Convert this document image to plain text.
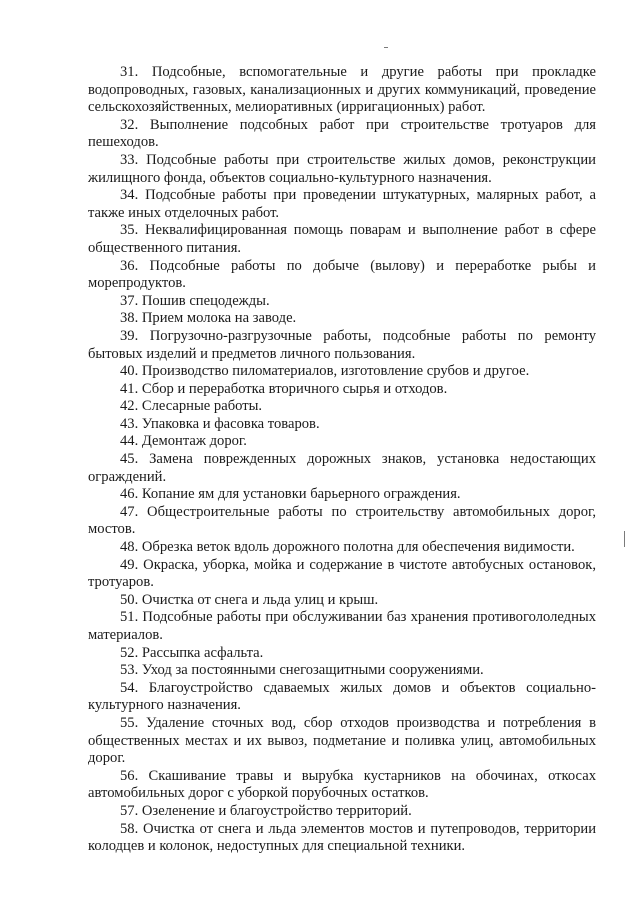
31. Подсобные, вспомогательные и другие работы при прокладке водопроводных, газовых, канализационных и других коммуникаций, проведение сельскохозяйственных, мелиоративных (ирригационных) работ.

32. Выполнение подсобных работ при строительстве тротуаров для пешеходов.

33. Подсобные работы при строительстве жилых домов, реконструкции жилищного фонда, объектов социально-культурного назначения.

34. Подсобные работы при проведении штукатурных, малярных работ, а также иных отделочных работ.

35. Неквалифицированная помощь поварам и выполнение работ в сфере общественного питания.

36. Подсобные работы по добыче (вылову) и переработке рыбы и морепродуктов.

37. Пошив спецодежды.

38. Прием молока на заводе.

39. Погрузочно-разгрузочные работы, подсобные работы по ремонту бытовых изделий и предметов личного пользования.

40. Производство пиломатериалов, изготовление срубов и другое.

41. Сбор и переработка вторичного сырья и отходов.

42. Слесарные работы.

43. Упаковка и фасовка товаров.

44. Демонтаж дорог.

45. Замена поврежденных дорожных знаков, установка недостающих ограждений.

46. Копание ям для установки барьерного ограждения.

47. Общестроительные работы по строительству автомобильных дорог, мостов.

48. Обрезка веток вдоль дорожного полотна для обеспечения видимости.

49. Окраска, уборка, мойка и содержание в чистоте автобусных остановок, тротуаров.

50. Очистка от снега и льда улиц и крыш.

51. Подсобные работы при обслуживании баз хранения противогололедных материалов.

52. Рассыпка асфальта.

53. Уход за постоянными снегозащитными сооружениями.

54. Благоустройство сдаваемых жилых домов и объектов социально-культурного назначения.

55. Удаление сточных вод, сбор отходов производства и потребления в общественных местах и их вывоз, подметание и поливка улиц, автомобильных дорог.

56. Скашивание травы и вырубка кустарников на обочинах, откосах автомобильных дорог с уборкой порубочных остатков.

57. Озеленение и благоустройство территорий.

58. Очистка от снега и льда элементов мостов и путепроводов, территории колодцев и колонок, недоступных для специальной техники.
